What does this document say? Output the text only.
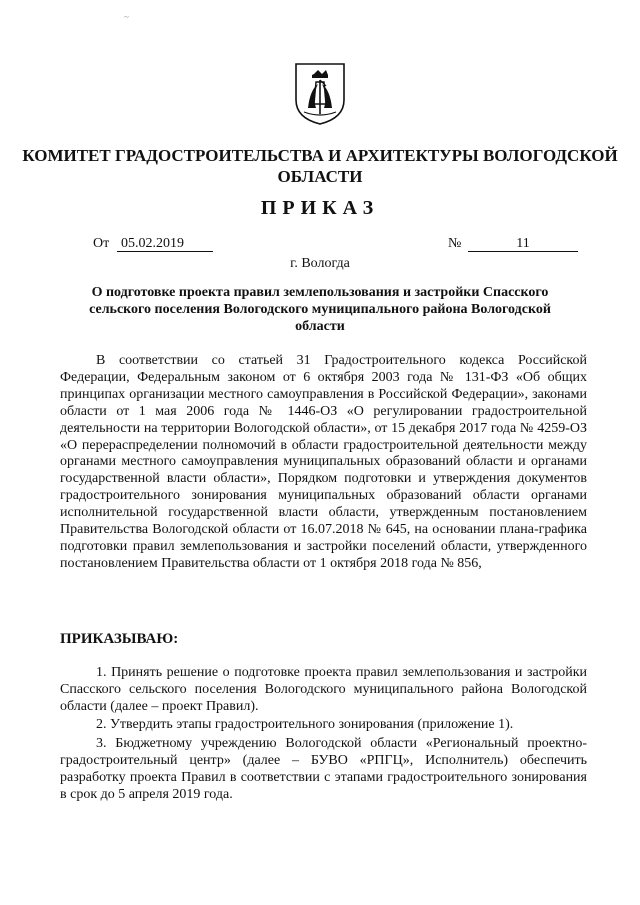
~
КОМИТЕТ ГРАДОСТРОИТЕЛЬСТВА И АРХИТЕКТУРЫ ВОЛОГОДСКОЙ ОБЛАСТИ
ПРИКАЗ
От 05.02.2019	№	11
г. Вологда
О подготовке проекта правил землепользования и застройки Спасского сельского поселения Вологодского муниципального района Вологодской области

В соответствии со статьей 31 Градостроительного кодекса Российской Федерации, Федеральным законом от 6 октября 2003 года № 131-ФЗ «Об общих принципах организации местного самоуправления в Российской Федерации», законами области от 1 мая 2006 года № 1446-ОЗ «О регулировании градостроительной деятельности на территории Вологодской области», от 15 декабря 2017 года № 4259-ОЗ «О перераспределении полномочий в области градостроительной деятельности между органами местного самоуправления муниципальных образований области и органами государственной власти области», Порядком подготовки и утверждения документов градостроительного зонирования муниципальных образований области органами исполнительной государственной власти области, утвержденным постановлением Правительства Вологодской области от 16.07.2018 № 645, на основании плана-графика подготовки правил землепользования и застройки поселений области, утвержденного постановлением Правительства области от 1 октября 2018 года № 856,

ПРИКАЗЫВАЮ:

1. Принять решение о подготовке проекта правил землепользования и застройки Спасского сельского поселения Вологодского муниципального района Вологодской области (далее – проект Правил).

2. Утвердить этапы градостроительного зонирования (приложение 1).

3. Бюджетному учреждению Вологодской области «Региональный проектно-градостроительный центр» (далее – БУВО «РПГЦ», Исполнитель) обеспечить разработку проекта Правил в соответствии с этапами градостроительного зонирования в срок до 5 апреля 2019 года.
